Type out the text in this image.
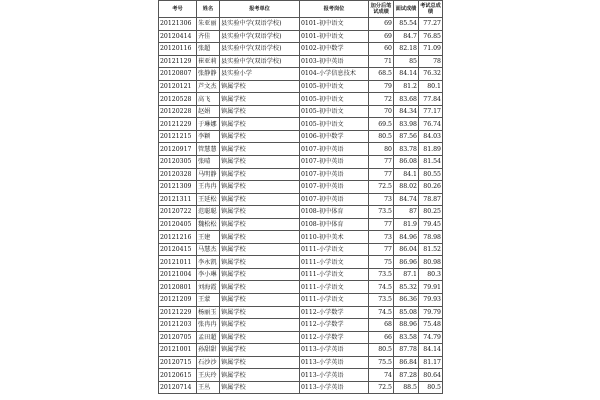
考号	姓名	报考单位	报考岗位	加分后笔试成绩	面试成绩	考试总成绩
20121306	朱亚丽	县实验中学(双语学校)	0101-初中语文	69	85.54	77.27
20120414	齐佳	县实验中学(双语学校)	0101-初中语文	69	84.7	76.85
20120116	张超	县实验中学(双语学校)	0102-初中数学	60	82.18	71.09
20121129	崔亚莉	县实验中学(双语学校)	0103-初中英语	71	85	78
20120807	张静静	县实验小学	0104-小学信息技术	68.5	84.14	76.32
20120121	芦文杰	镇属学校	0105-初中语文	79	81.2	80.1
20120528	高飞	镇属学校	0105-初中语文	72	83.68	77.84
20120228	赵娟	镇属学校	0105-初中语文	70	84.34	77.17
20121229	于琳娜	镇属学校	0105-初中语文	69.5	83.98	76.74
20121215	李颖	镇属学校	0106-初中数学	80.5	87.56	84.03
20120917	管慧慧	镇属学校	0107-初中英语	80	83.78	81.89
20120305	张晴	镇属学校	0107-初中英语	77	86.08	81.54
20120328	马明静	镇属学校	0107-初中英语	77	84.1	80.55
20121309	王冉冉	镇属学校	0107-初中英语	72.5	88.02	80.26
20121311	王延松	镇属学校	0107-初中英语	73	84.74	78.87
20120722	范聪聪	镇属学校	0108-初中体育	73.5	87	80.25
20120405	魏松松	镇属学校	0108-初中体育	77	81.9	79.45
20121216	王建	镇属学校	0110-初中美术	73	84.96	78.98
20120415	马慧杰	镇属学校	0111-小学语文	77	86.04	81.52
20121011	李永凯	镇属学校	0111-小学语文	75	86.96	80.98
20121004	李小琳	镇属学校	0111-小学语文	73.5	87.1	80.3
20120801	刘海霞	镇属学校	0111-小学语文	74.5	85.32	79.91
20121209	王蒙	镇属学校	0111-小学语文	73.5	86.36	79.93
20121229	杨丽玉	镇属学校	0112-小学数学	74.5	85.08	79.79
20121203	张冉冉	镇属学校	0112-小学数学	68	88.96	75.48
20120705	孟田超	镇属学校	0112-小学数学	66	83.58	74.79
20121001	孙甜甜	镇属学校	0113-小学英语	80.5	87.78	84.14
20120715	石沙沙	镇属学校	0113-小学英语	75.5	86.84	81.17
20120615	王庆玲	镇属学校	0113-小学英语	74	87.28	80.64
20120714	王丛	镇属学校	0113-小学英语	72.5	88.5	80.5
